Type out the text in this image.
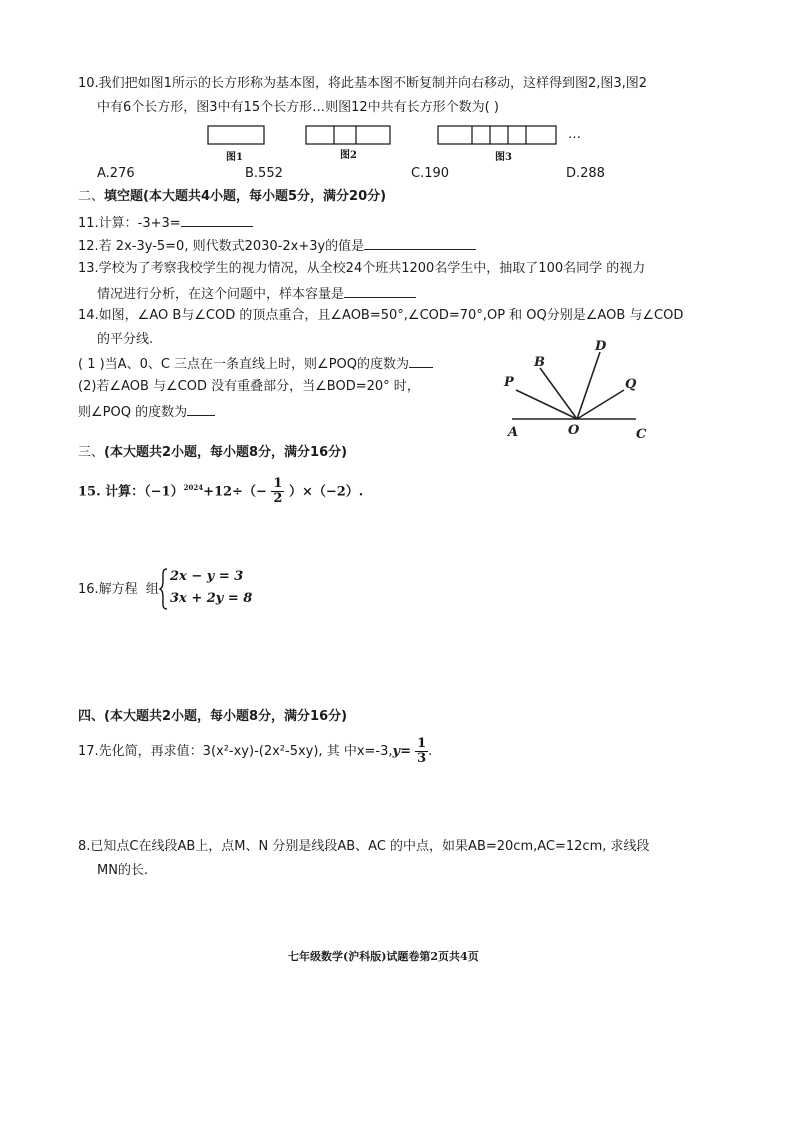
10.我们把如图1所示的长方形称为基本图，将此基本图不断复制并向右移动，这样得到图2,图3,图2
中有6个长方形，图3中有15个长方形…则图12中共有长方形个数为( )
图1	图2	图3
…
A.276	B.552	C.190	D.288
二、填空题(本大题共4小题，每小题5分，满分20分)
11.计算：-3+3=
12.若 2x-3y-5=0, 则代数式2030-2x+3y的值是
13.学校为了考察我校学生的视力情况，从全校24个班共1200名学生中，抽取了100名同学 的视力
情况进行分析，在这个问题中，样本容量是
14.如图，∠AO B与∠COD 的顶点重合，且∠AOB=50°,∠COD=70°,OP 和 OQ分别是∠AOB 与∠COD
的平分线.
( 1 )当A、0、C 三点在一条直线上时，则∠POQ的度数为
(2)若∠AOB 与∠COD 没有重叠部分，当∠BOD=20° 时，
则∠POQ 的度数为
A
P
B
D
Q
O	C
三、(本大题共2小题，每小题8分，满分16分)
15. 计算：$(-1)^{2024}+12\div(- \frac{1}{2} )\times(-2)$.
16.解方程 组
2x − y = 3
3x + 2y = 8
四、(本大题共2小题，每小题8分，满分16分)
17.先化简，再求值：3(x²-xy)-(2x²-5xy), 其 中$x=-3,y= \frac{1}{3}$ .
8.已知点C在线段AB上，点M、N 分别是线段AB、AC 的中点，如果AB=20cm,AC=12cm, 求线段
MN的长.
七年级数学(沪科版)试题卷第2页共4页
